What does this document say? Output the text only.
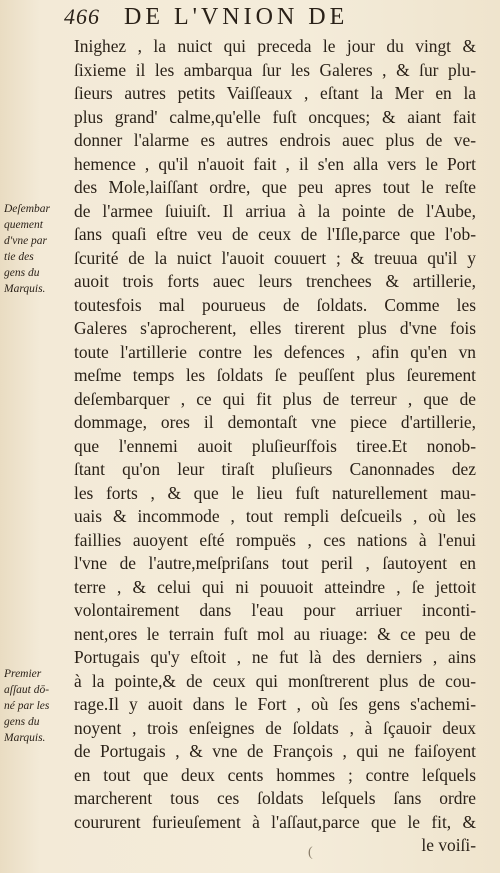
466 DE L'VNION DE
Deſembar
quement
d'vne par
tie des
gens du
Marquis.
Premier
aſſaut dō-
né par les
gens du
Marquis.
Inighez , la nuict qui preceda le jour du vingt &
ſixieme il les ambarqua ſur les Galeres , & ſur plu-
ſieurs autres petits Vaiſſeaux , eſtant la Mer en la
plus grand' calme,qu'elle fuſt oncques; & aiant fait
donner l'alarme es autres endrois auec plus de ve-
hemence , qu'il n'auoit fait , il s'en alla vers le Port
des Mole,laiſſant ordre, que peu apres tout le reſte
de l'armee ſuiuiſt. Il arriua à la pointe de l'Aube,
ſans quaſi eſtre veu de ceux de l'Iſle,parce que l'ob-
ſcurité de la nuict l'auoit couuert ; & treuua qu'il y
auoit trois forts auec leurs trenchees & artillerie,
toutesfois mal pourueus de ſoldats. Comme les
Galeres s'aprocherent, elles tirerent plus d'vne fois
toute l'artillerie contre les defences , afin qu'en vn
meſme temps les ſoldats ſe peuſſent plus ſeurement
deſembarquer , ce qui fit plus de terreur , que de
dommage, ores il demontaſt vne piece d'artillerie,
que l'ennemi auoit pluſieurſfois tiree.Et nonob-
ſtant qu'on leur tiraſt pluſieurs Canonnades dez
les forts , & que le lieu fuſt naturellement mau-
uais & incommode , tout rempli deſcueils , où les
faillies auoyent eſté rompuës , ces nations à l'enui
l'vne de l'autre,meſpriſans tout peril , ſautoyent en
terre , & celui qui ni pouuoit atteindre , ſe jettoit
volontairement dans l'eau pour arriuer inconti-
nent,ores le terrain fuſt mol au riuage: & ce peu de
Portugais qu'y eſtoit , ne fut là des derniers , ains
à la pointe,& de ceux qui monſtrerent plus de cou-
rage.Il y auoit dans le Fort , où ſes gens s'achemi-
noyent , trois enſeignes de ſoldats , à ſçauoir deux
de Portugais , & vne de François , qui ne faiſoyent
en tout que deux cents hommes ; contre leſquels
marcherent tous ces ſoldats leſquels ſans ordre
coururent furieuſement à l'aſſaut,parce que le fit, &
le voiſi-
(
